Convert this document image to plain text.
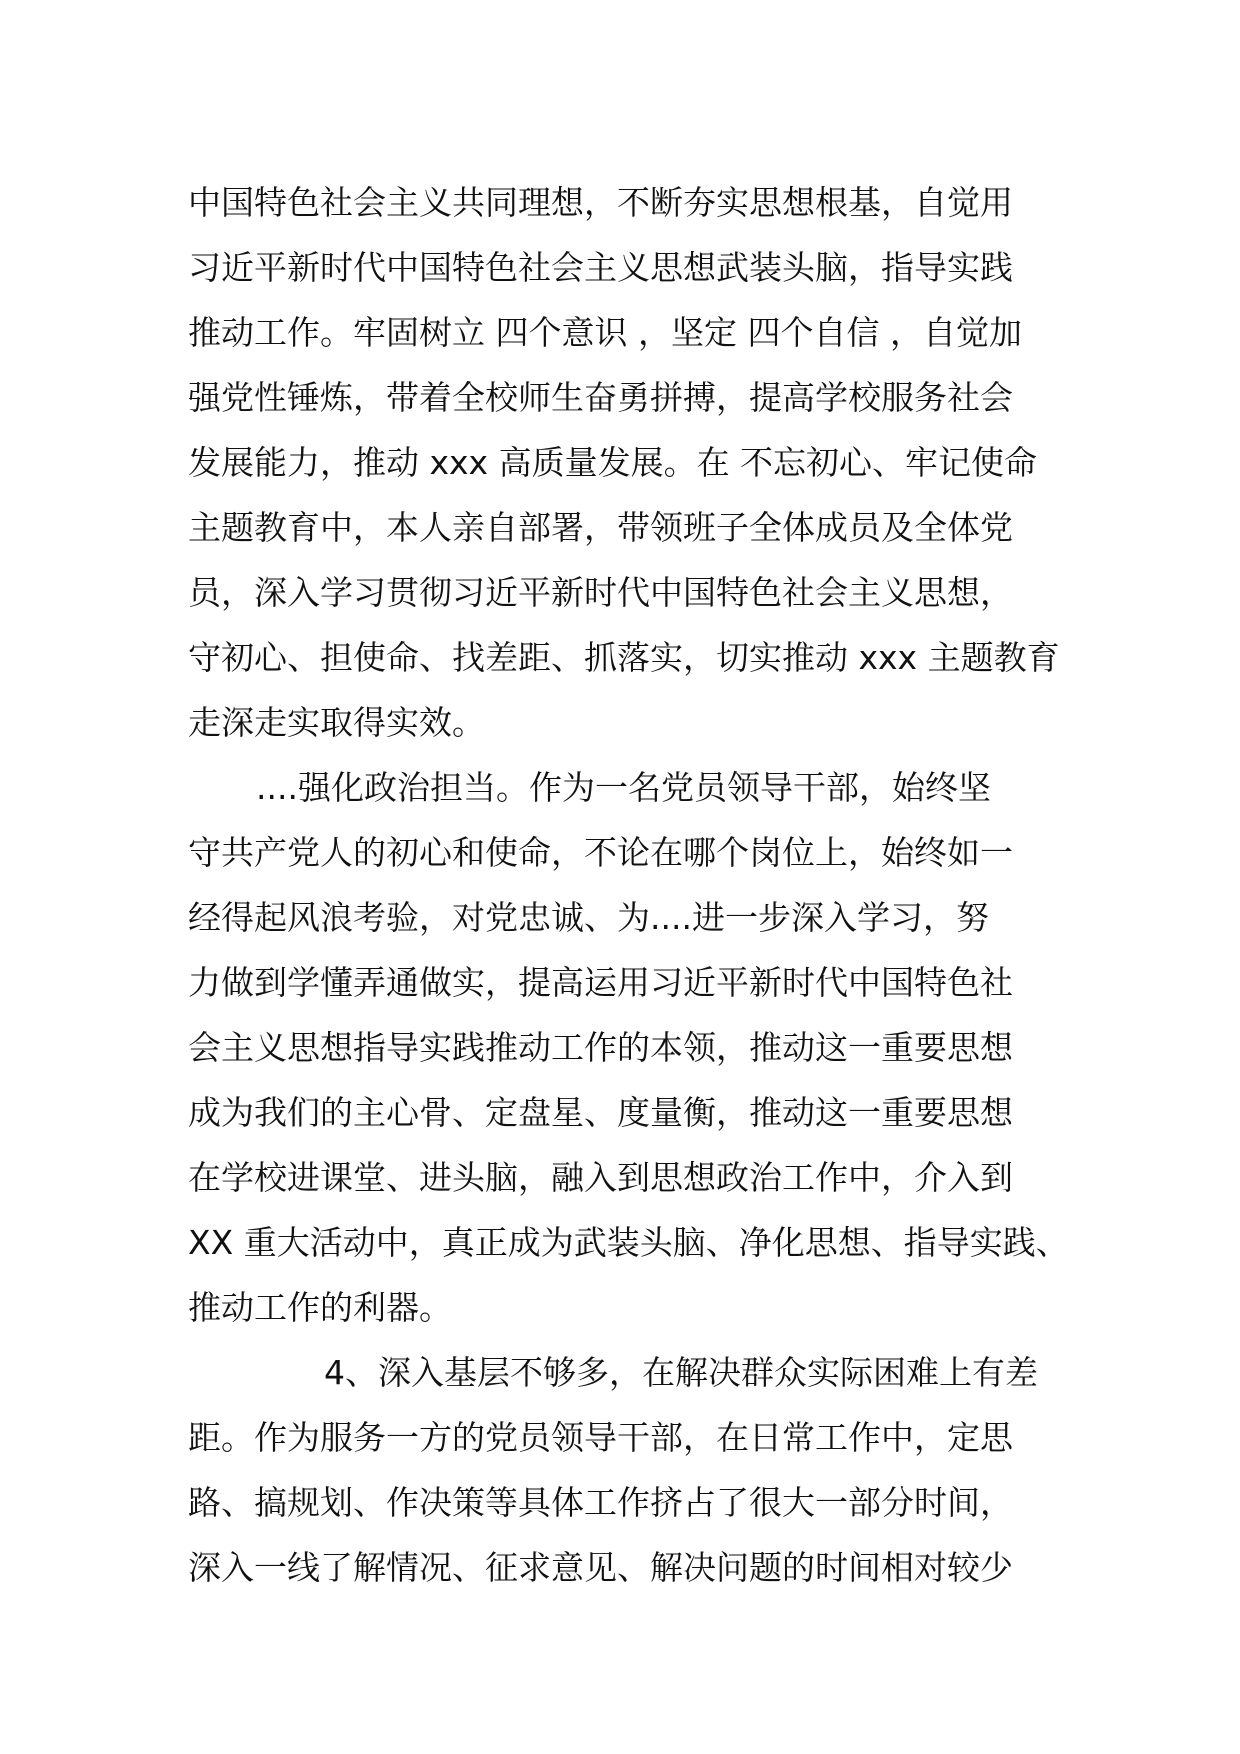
中国特色社会主义共同理想，不断夯实思想根基，自觉用
习近平新时代中国特色社会主义思想武装头脑，指导实践
推动工作。牢固树立 四个意识 ，坚定 四个自信 ，自觉加
强党性锤炼，带着全校师生奋勇拼搏，提高学校服务社会
发展能力，推动 xxx 高质量发展。在 不忘初心、牢记使命
主题教育中，本人亲自部署，带领班子全体成员及全体党
员，深入学习贯彻习近平新时代中国特色社会主义思想，
守初心、担使命、找差距、抓落实，切实推动 xxx 主题教育
走深走实取得实效。
....强化政治担当。作为一名党员领导干部，始终坚
守共产党人的初心和使命，不论在哪个岗位上，始终如一
经得起风浪考验，对党忠诚、为....进一步深入学习，努
力做到学懂弄通做实，提高运用习近平新时代中国特色社
会主义思想指导实践推动工作的本领，推动这一重要思想
成为我们的主心骨、定盘星、度量衡，推动这一重要思想
在学校进课堂、进头脑，融入到思想政治工作中，介入到
XX 重大活动中，真正成为武装头脑、净化思想、指导实践、
推动工作的利器。
4、深入基层不够多，在解决群众实际困难上有差
距。作为服务一方的党员领导干部，在日常工作中，定思
路、搞规划、作决策等具体工作挤占了很大一部分时间，
深入一线了解情况、征求意见、解决问题的时间相对较少
